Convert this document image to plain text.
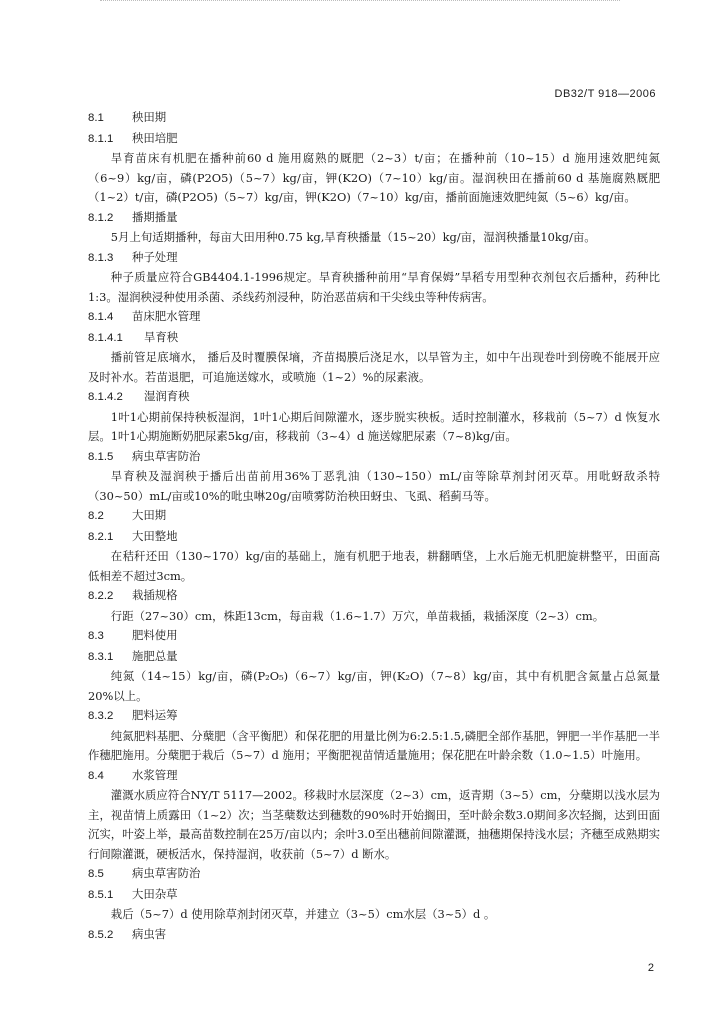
DB32/T 918—2006
8.1 秧田期
8.1.1 秧田培肥

旱育苗床有机肥在播种前60 d 施用腐熟的厩肥（2~3）t/亩；在播种前（10~15）d 施用速效肥纯氮（6~9）kg/亩，磷(P2O5)（5~7）kg/亩，钾(K2O)（7~10）kg/亩。湿润秧田在播前60 d 基施腐熟厩肥（1~2）t/亩，磷(P2O5)（5~7）kg/亩，钾(K2O)（7~10）kg/亩，播前面施速效肥纯氮（5~6）kg/亩。

8.1.2 播期播量

5月上旬适期播种，每亩大田用种0.75 kg,旱育秧播量（15~20）kg/亩，湿润秧播量10kg/亩。

8.1.3 种子处理

种子质量应符合GB4404.1-1996规定。旱育秧播种前用“旱育保姆”旱稻专用型种衣剂包衣后播种，药种比1:3。湿润秧浸种使用杀菌、杀线药剂浸种，防治恶苗病和干尖线虫等种传病害。

8.1.4 苗床肥水管理
8.1.4.1 旱育秧

播前管足底墒水， 播后及时覆膜保墒，齐苗揭膜后浇足水，以旱管为主，如中午出现卷叶到傍晚不能展开应及时补水。若苗退肥，可追施送嫁水，或喷施（1~2）%的尿素液。

8.1.4.2 湿润育秧

1叶1心期前保持秧板湿润，1叶1心期后间隙灌水，逐步脱实秧板。适时控制灌水，移栽前（5~7）d 恢复水层。1叶1心期施断奶肥尿素5kg/亩，移栽前（3~4）d 施送嫁肥尿素（7~8)kg/亩。

8.1.5 病虫草害防治

旱育秧及湿润秧于播后出苗前用36%丁恶乳油（130~150）mL/亩等除草剂封闭灭草。用吡蚜敌杀特（30~50）mL/亩或10%的吡虫啉20g/亩喷雾防治秧田蚜虫、飞虱、稻蓟马等。

8.2 大田期
8.2.1 大田整地

在秸秆还田（130~170）kg/亩的基础上，施有机肥于地表，耕翻晒垡，上水后施无机肥旋耕整平，田面高低相差不超过3cm。

8.2.2 栽插规格

行距（27~30）cm，株距13cm，每亩栽（1.6~1.7）万穴，单苗栽插，栽插深度（2~3）cm。

8.3 肥料使用
8.3.1 施肥总量

纯氮（14~15）kg/亩，磷(P₂O₅)（6~7）kg/亩，钾(K₂O)（7~8）kg/亩，其中有机肥含氮量占总氮量20%以上。

8.3.2 肥料运筹

纯氮肥料基肥、分蘖肥（含平衡肥）和保花肥的用量比例为6:2.5:1.5,磷肥全部作基肥，钾肥一半作基肥一半作穗肥施用。分蘖肥于栽后（5~7）d 施用；平衡肥视苗情适量施用；保花肥在叶龄余数（1.0~1.5）叶施用。

8.4 水浆管理

灌溉水质应符合NY/T 5117—2002。移栽时水层深度（2~3）cm，返青期（3~5）cm，分蘖期以浅水层为主，视苗情上质露田（1~2）次；当茎蘖数达到穗数的90%时开始搁田，至叶龄余数3.0期间多次轻搁，达到田面沉实，叶姿上举，最高苗数控制在25万/亩以内；余叶3.0至出穗前间隙灌溉，抽穗期保持浅水层；齐穗至成熟期实行间隙灌溉，硬板活水，保持湿润，收获前（5~7）d 断水。

8.5 病虫草害防治
8.5.1 大田杂草

栽后（5~7）d 使用除草剂封闭灭草，并建立（3~5）cm水层（3~5）d 。

8.5.2 病虫害
2
